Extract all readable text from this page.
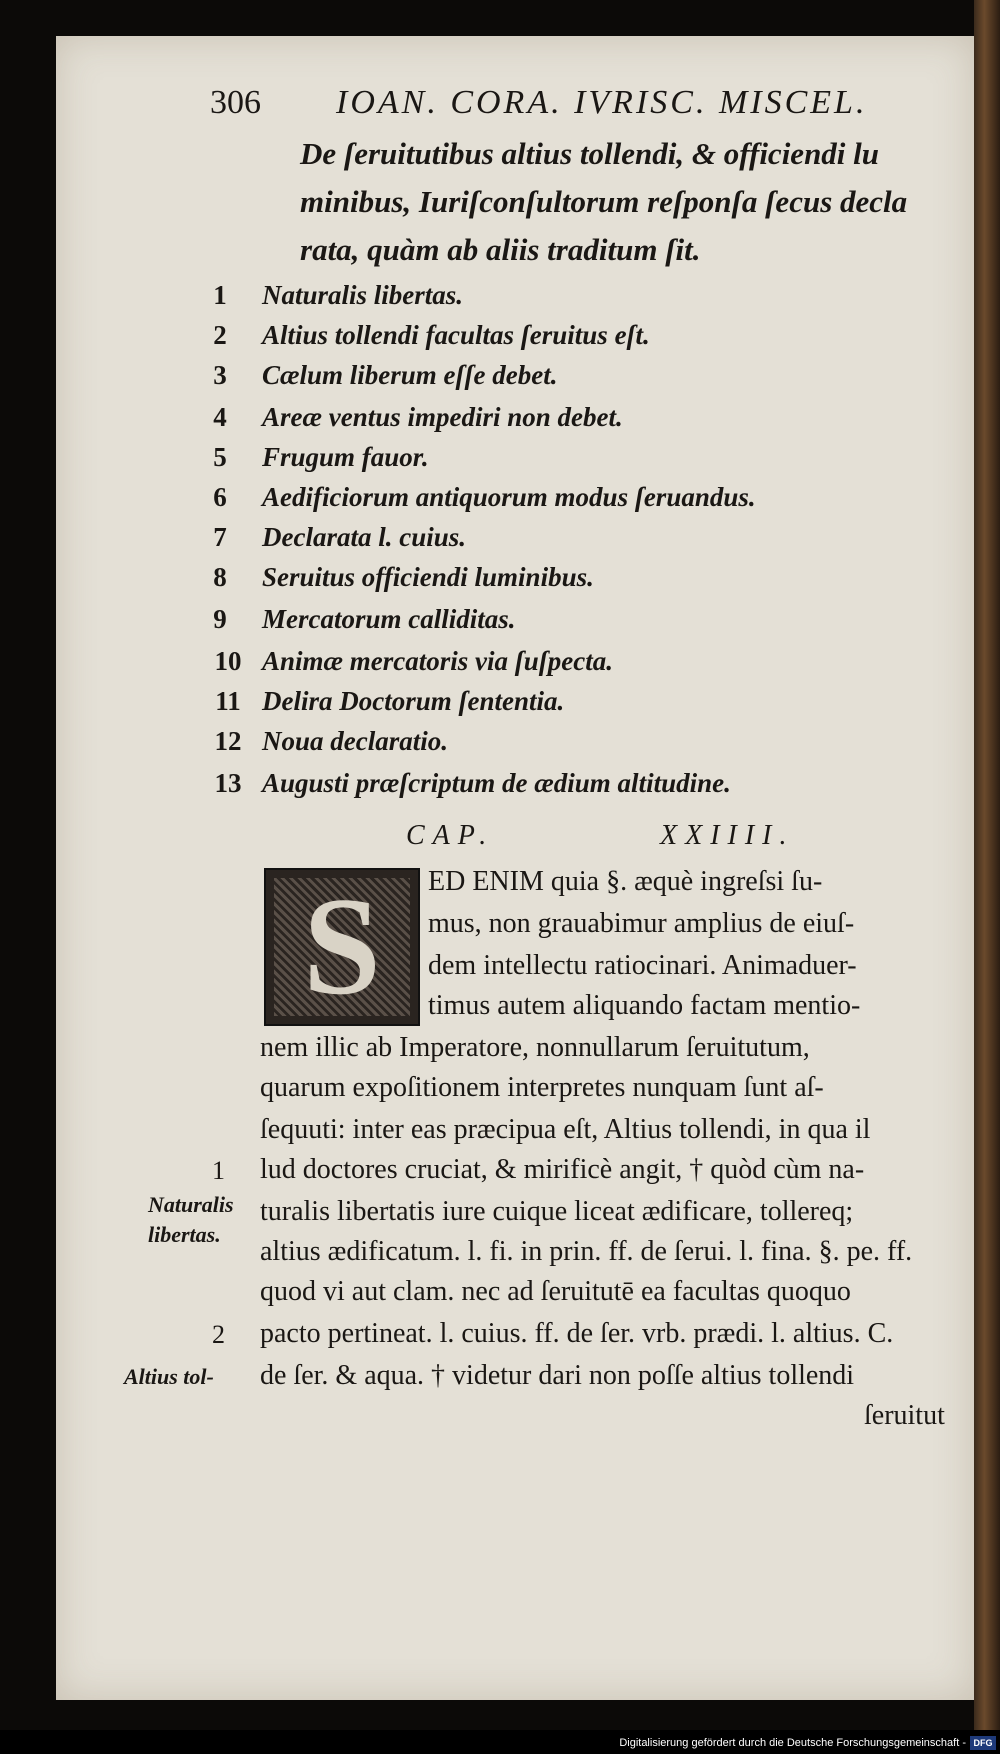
306 IOAN. CORA. IVRISC. MISCEL.
De ſeruitutibus altius tollendi, & officiendi lu
minibus, Iuriſconſultorum reſponſa ſecus decla
rata, quàm ab aliis traditum ſit.
1	Naturalis libertas.
2	Altius tollendi facultas ſeruitus eſt.
3	Cælum liberum eſſe debet.
4	Areæ ventus impediri non debet.
5	Frugum fauor.
6	Aedificiorum antiquorum modus ſeruandus.
7	Declarata l. cuius.
8	Seruitus officiendi luminibus.
9	Mercatorum calliditas.
10 Animæ mercatoris via ſuſpecta.
11 Delira Doctorum ſententia.
12 Noua declaratio.
13 Augusti præſcriptum de ædium altitudine.
CAP.	XXIIII.
S	ED ENIM quia §. æquè ingreſsi ſu-
mus, non grauabimur amplius de eiuſ-
dem intellectu ratiocinari. Animaduer-
timus autem aliquando factam mentio-
nem illic ab Imperatore, nonnullarum ſeruitutum,
quarum expoſitionem interpretes nunquam ſunt aſ-
ſequuti: inter eas præcipua eſt, Altius tollendi, in qua il
lud doctores cruciat, & mirificè angit, † quòd cùm na-
turalis libertatis iure cuique liceat ædificare, tollereq;
altius ædificatum. l. fi. in prin. ff. de ſerui. l. fina. §. pe. ff.
quod vi aut clam. nec ad ſeruitutē ea facultas quoquo
pacto pertineat. l. cuius. ff. de ſer. vrb. prædi. l. altius. C.
de ſer. & aqua. † videtur dari non poſſe altius tollendi
ſeruitut
1
Naturalis
libertas.
2
Altius tol-
Digitalisierung gefördert durch die Deutsche Forschungsgemeinschaft - DFG
